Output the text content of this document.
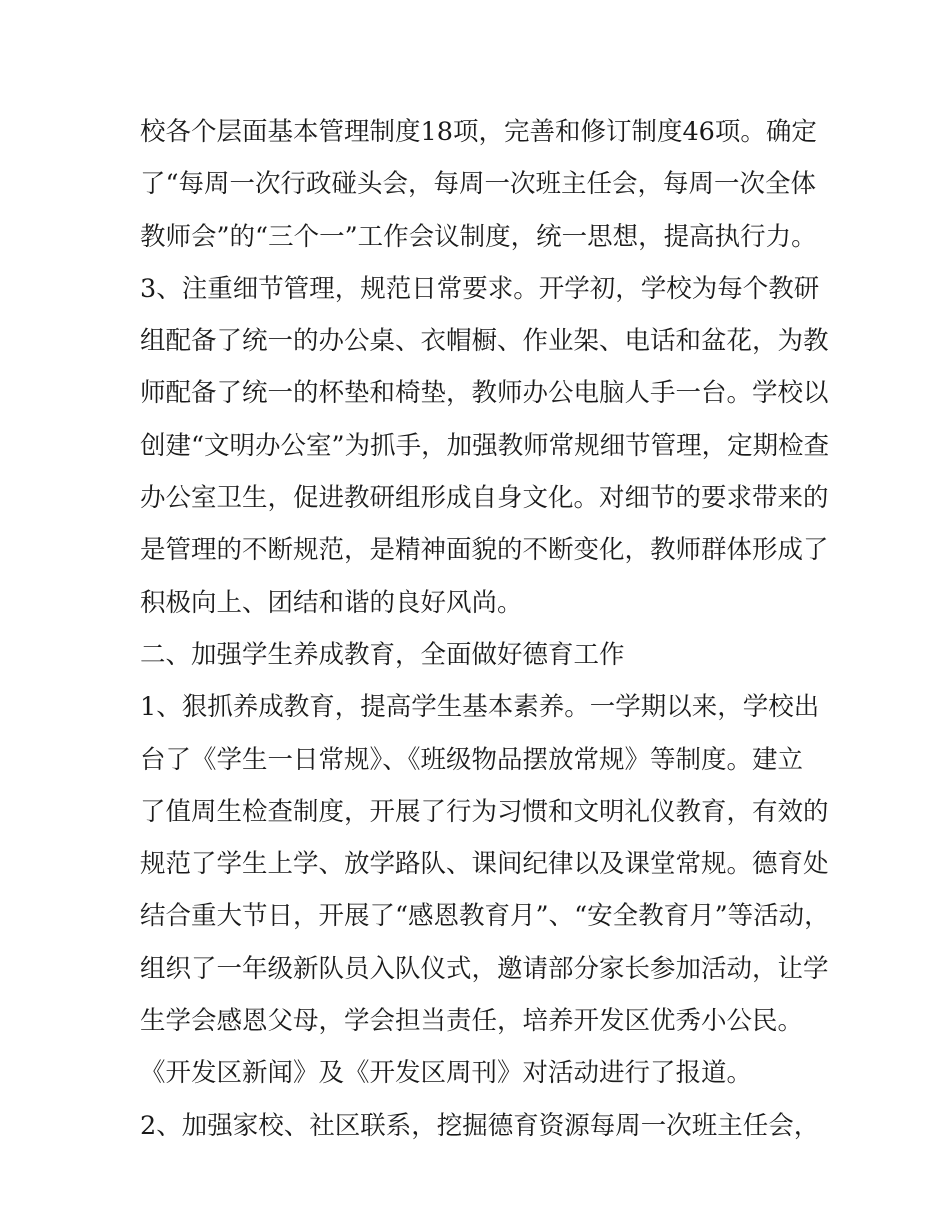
校各个层面基本管理制度18项，完善和修订制度46项。确定
了“每周一次行政碰头会，每周一次班主任会，每周一次全体
教师会”的“三个一”工作会议制度，统一思想，提高执行力。
3、注重细节管理，规范日常要求。开学初，学校为每个教研
组配备了统一的办公桌、衣帽橱、作业架、电话和盆花，为教
师配备了统一的杯垫和椅垫，教师办公电脑人手一台。学校以
创建“文明办公室”为抓手，加强教师常规细节管理，定期检查
办公室卫生，促进教研组形成自身文化。对细节的要求带来的
是管理的不断规范，是精神面貌的不断变化，教师群体形成了
积极向上、团结和谐的良好风尚。
二、加强学生养成教育，全面做好德育工作
1、狠抓养成教育，提高学生基本素养。一学期以来，学校出
台了《学生一日常规》、《班级物品摆放常规》等制度。建立
了值周生检查制度，开展了行为习惯和文明礼仪教育，有效的
规范了学生上学、放学路队、课间纪律以及课堂常规。德育处
结合重大节日，开展了“感恩教育月”、“安全教育月”等活动，
组织了一年级新队员入队仪式，邀请部分家长参加活动，让学
生学会感恩父母，学会担当责任，培养开发区优秀小公民。
《开发区新闻》及《开发区周刊》对活动进行了报道。
2、加强家校、社区联系，挖掘德育资源每周一次班主任会，
